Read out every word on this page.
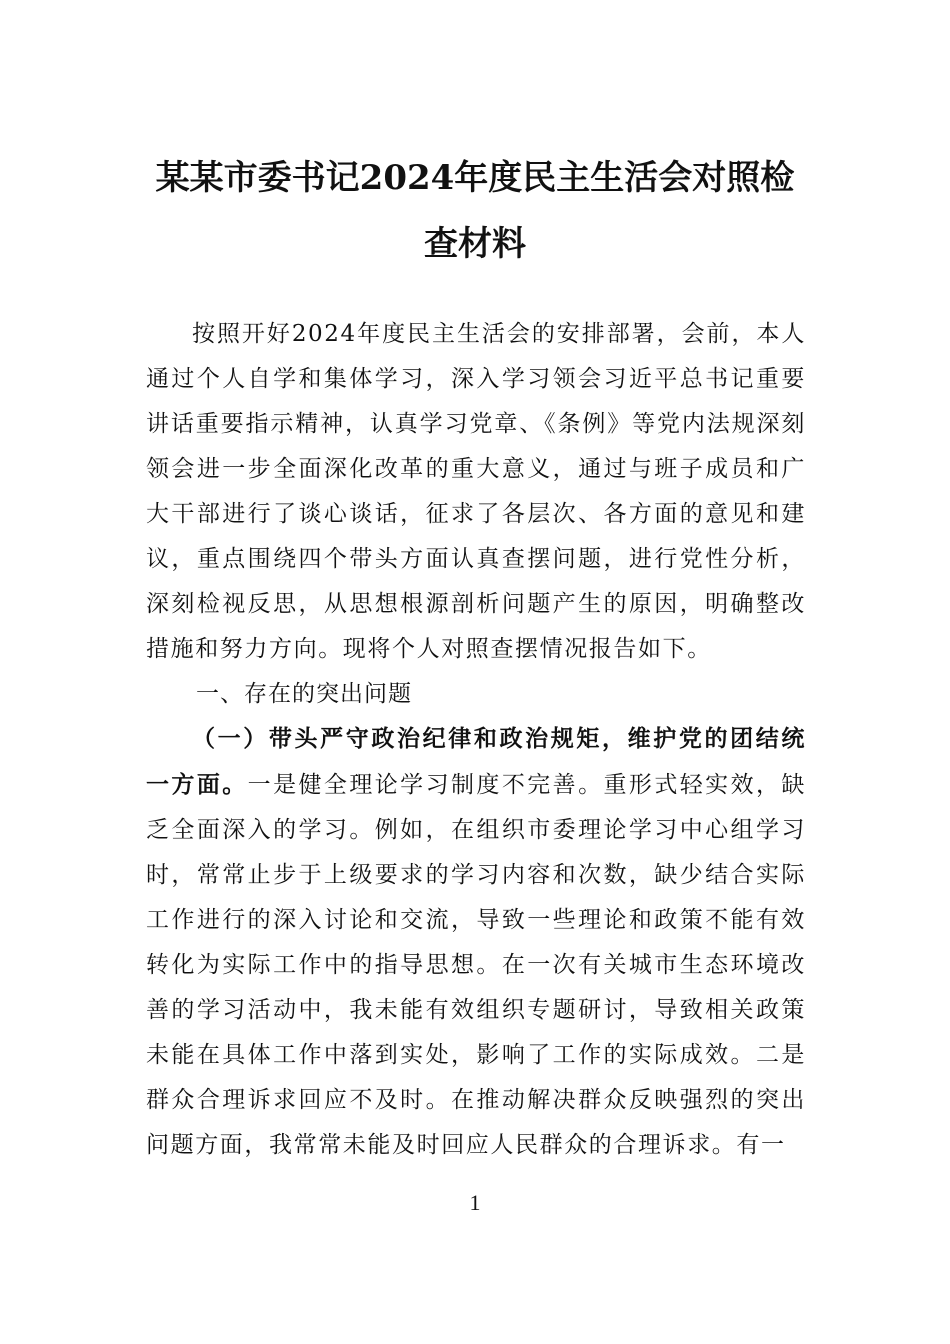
某某市委书记2024年度民主生活会对照检
查材料

按照开好2024年度民主生活会的安排部署，会前，本人通过个人自学和集体学习，深入学习领会习近平总书记重要讲话重要指示精神，认真学习党章、《条例》等党内法规深刻领会进一步全面深化改革的重大意义，通过与班子成员和广大干部进行了谈心谈话，征求了各层次、各方面的意见和建议，重点围绕四个带头方面认真查摆问题，进行党性分析，深刻检视反思，从思想根源剖析问题产生的原因，明确整改措施和努力方向。现将个人对照查摆情况报告如下。

一、存在的突出问题

（一）带头严守政治纪律和政治规矩，维护党的团结统一方面。一是健全理论学习制度不完善。重形式轻实效，缺乏全面深入的学习。例如，在组织市委理论学习中心组学习时，常常止步于上级要求的学习内容和次数，缺少结合实际工作进行的深入讨论和交流，导致一些理论和政策不能有效转化为实际工作中的指导思想。在一次有关城市生态环境改善的学习活动中，我未能有效组织专题研讨，导致相关政策未能在具体工作中落到实处，影响了工作的实际成效。二是群众合理诉求回应不及时。在推动解决群众反映强烈的突出问题方面，我常常未能及时回应人民群众的合理诉求。有一

1
